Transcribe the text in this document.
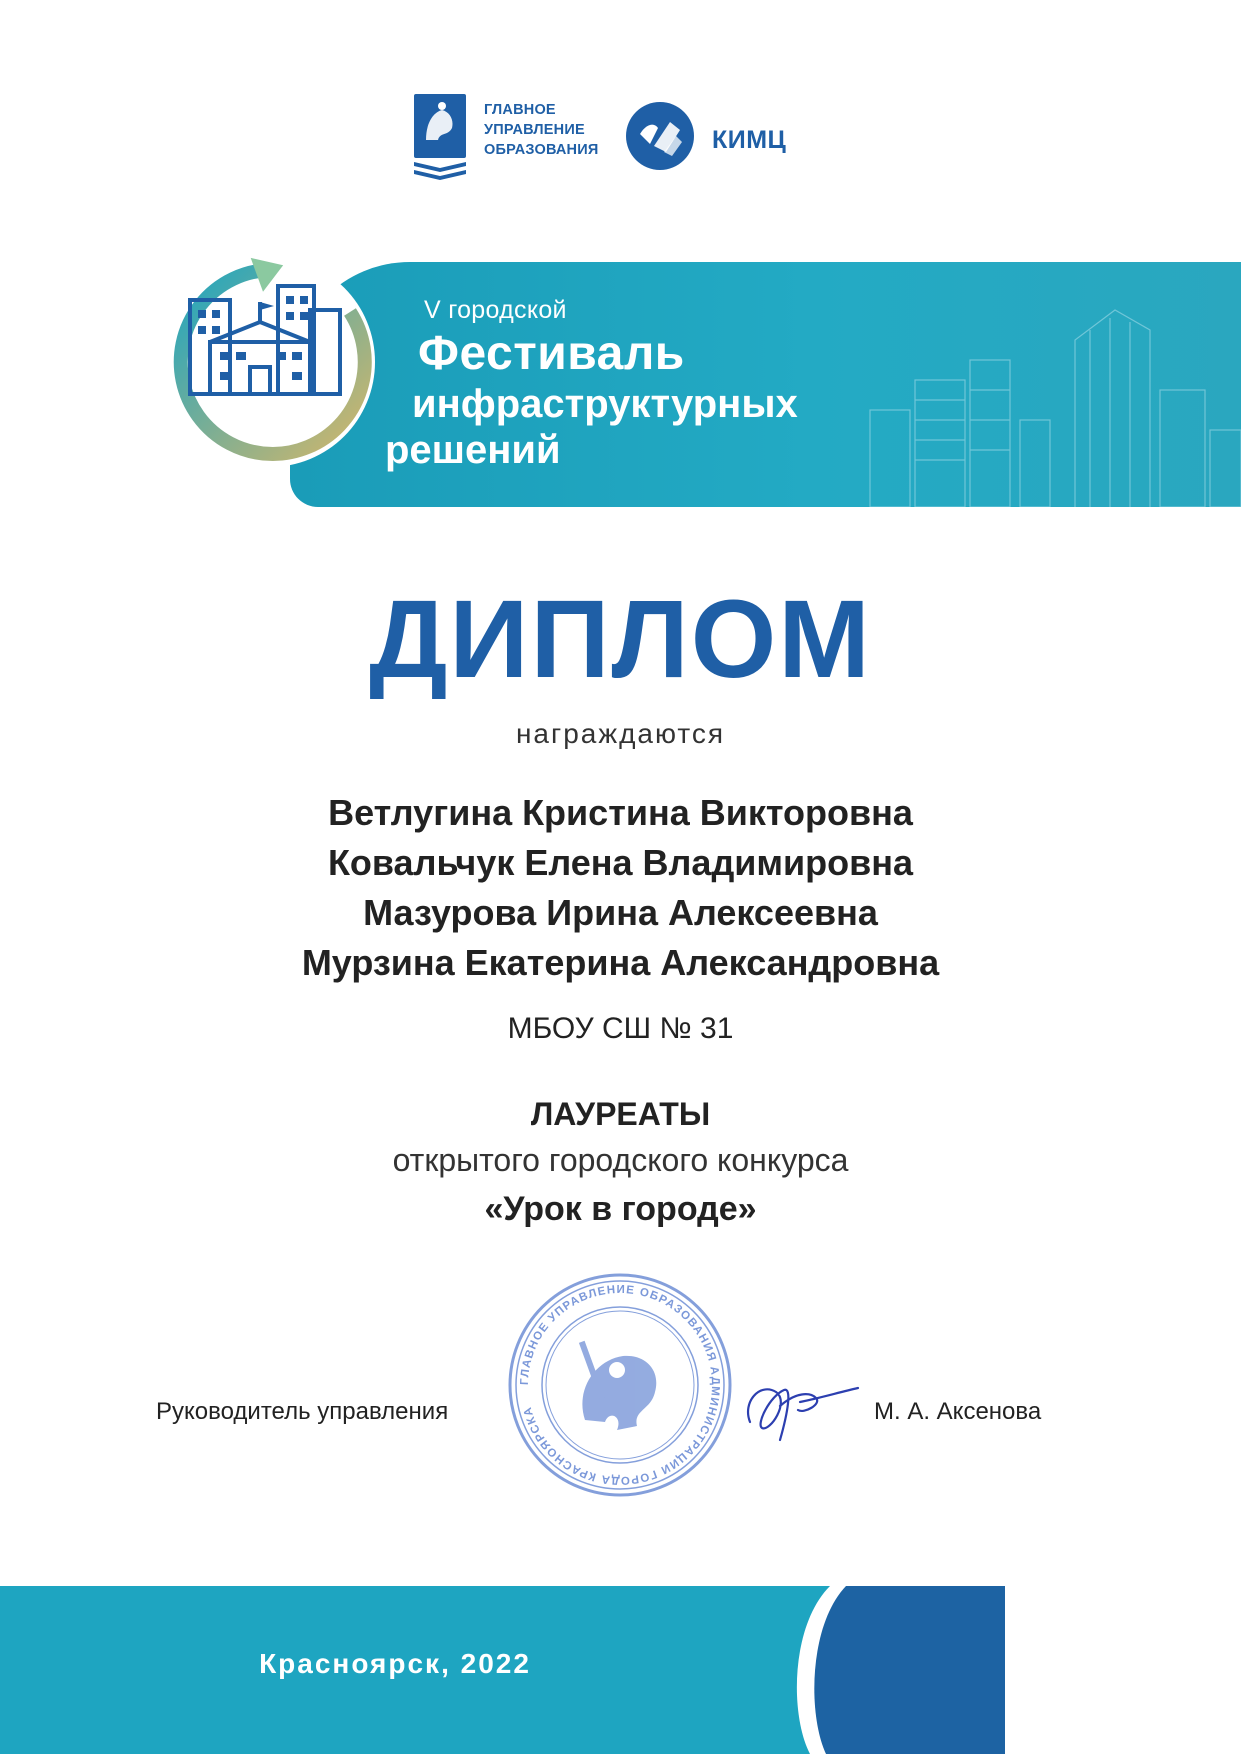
ГЛАВНОЕ
УПРАВЛЕНИЕ
ОБРАЗОВАНИЯ	КИМЦ
V городской
Фестиваль
инфраструктурных
решений
ДИПЛОМ
награждаются
Ветлугина Кристина Викторовна
Ковальчук Елена Владимировна
Мазурова Ирина Алексеевна
Мурзина Екатерина Александровна
МБОУ СШ № 31
ЛАУРЕАТЫ
открытого городского конкурса
«Урок в городе»
Руководитель управления
ГЛАВНОЕ УПРАВЛЕНИЕ ОБРАЗОВАНИЯ АДМИНИСТРАЦИИ ГОРОДА КРАСНОЯРСКА	М. А. Аксенова
Красноярск, 2022
